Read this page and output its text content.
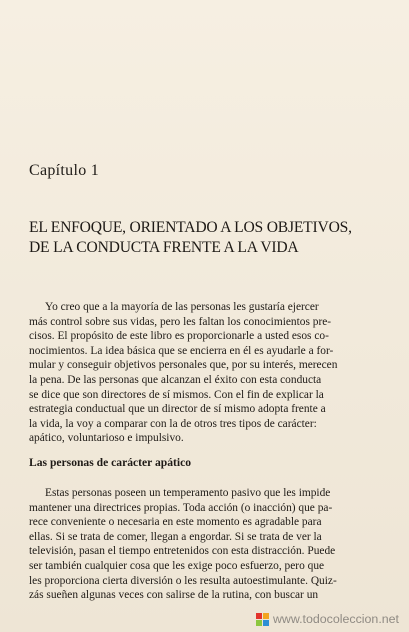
Capítulo 1
EL ENFOQUE, ORIENTADO A LOS OBJETIVOS,
DE LA CONDUCTA FRENTE A LA VIDA

Yo creo que a la mayoría de las personas les gustaría ejercer
más control sobre sus vidas, pero les faltan los conocimientos pre-
cisos. El propósito de este libro es proporcionarle a usted esos co-
nocimientos. La idea básica que se encierra en él es ayudarle a for-
mular y conseguir objetivos personales que, por su interés, merecen
la pena. De las personas que alcanzan el éxito con esta conducta
se dice que son directores de sí mismos. Con el fin de explicar la
estrategia conductual que un director de sí mismo adopta frente a
la vida, la voy a comparar con la de otros tres tipos de carácter:
apático, voluntarioso e impulsivo.

Las personas de carácter apático

Estas personas poseen un temperamento pasivo que les impide
mantener una directrices propias. Toda acción (o inacción) que pa-
rece conveniente o necesaria en este momento es agradable para
ellas. Si se trata de comer, llegan a engordar. Si se trata de ver la
televisión, pasan el tiempo entretenidos con esta distracción. Puede
ser también cualquier cosa que les exige poco esfuerzo, pero que
les proporciona cierta diversión o les resulta autoestimulante. Quiz-
zás sueñen algunas veces con salirse de la rutina, con buscar un

www.todocoleccion.net
